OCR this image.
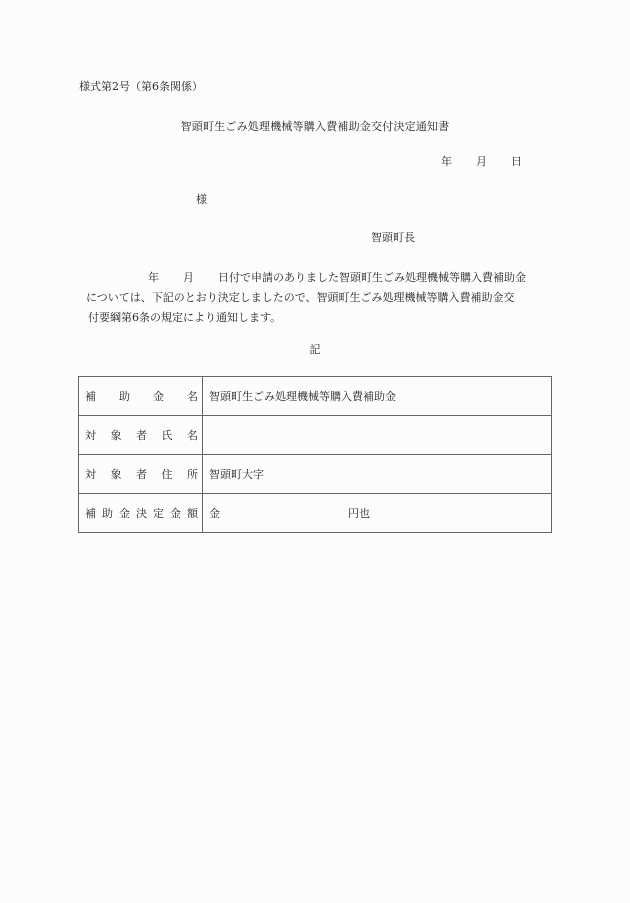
様式第2号（第6条関係）
智頭町生ごみ処理機械等購入費補助金交付決定通知書
年 月 日
様
智頭町長
年 月 日付で申請のありました智頭町生ごみ処理機械等購入費補助金
については、下記のとおり決定しましたので、智頭町生ごみ処理機械等購入費補助金交
付要綱第6条の規定により通知します。
記
補 助 金 名	智頭町生ごみ処理機械等購入費補助金

対 象 者 氏 名	

対 象 者 住 所	智頭町大字

補 助 金 決 定 金 額	金	円也
